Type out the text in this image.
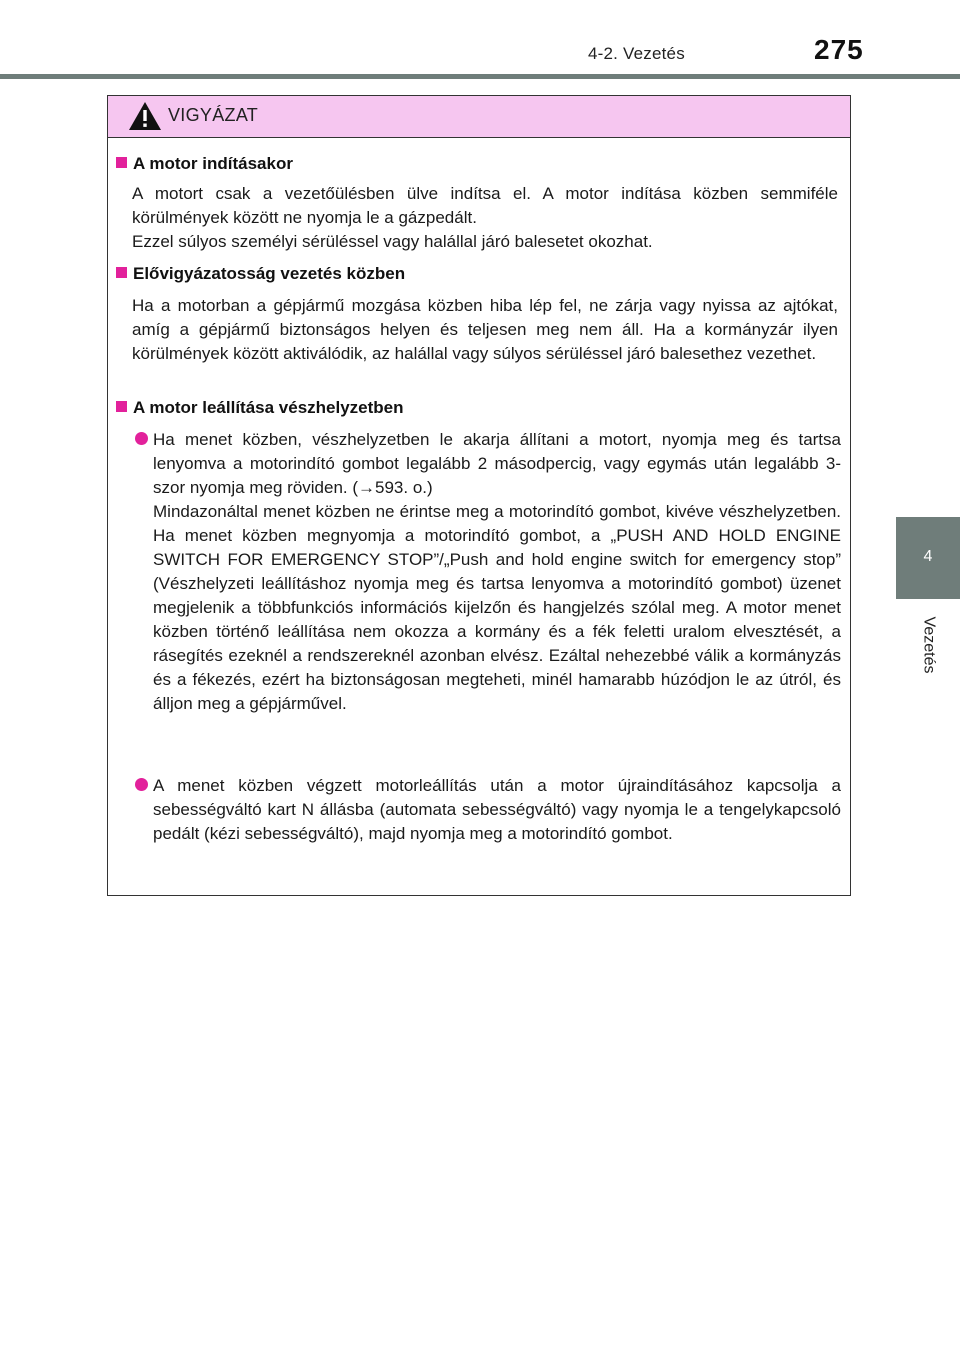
4-2. Vezetés	275
4
Vezetés
VIGYÁZAT
A motor indításakor

A motort csak a vezetőülésben ülve indítsa el. A motor indítása közben semmiféle körülmények között ne nyomja le a gázpedált.

Ezzel súlyos személyi sérüléssel vagy halállal járó balesetet okozhat.

Elővigyázatosság vezetés közben

Ha a motorban a gépjármű mozgása közben hiba lép fel, ne zárja vagy nyissa az ajtókat, amíg a gépjármű biztonságos helyen és teljesen meg nem áll. Ha a kormányzár ilyen körülmények között aktiválódik, az halállal vagy súlyos sérüléssel járó balesethez vezethet.

A motor leállítása vészhelyzetben

Ha menet közben, vészhelyzetben le akarja állítani a motort, nyomja meg és tartsa lenyomva a motorindító gombot legalább 2 másodpercig, vagy egymás után legalább 3-szor nyomja meg röviden. (→593. o.)

Mindazonáltal menet közben ne érintse meg a motorindító gombot, kivéve vészhelyzetben. Ha menet közben megnyomja a motorindító gombot, a „PUSH AND HOLD ENGINE SWITCH FOR EMERGENCY STOP”/„Push and hold engine switch for emergency stop” (Vészhelyzeti leállításhoz nyomja meg és tartsa lenyomva a motorindító gombot) üzenet megjelenik a többfunkciós információs kijelzőn és hangjelzés szólal meg. A motor menet közben történő leállítása nem okozza a kormány és a fék feletti uralom elvesztését, a rásegítés ezeknél a rendszereknél azonban elvész. Ezáltal nehezebbé válik a kormányzás és a fékezés, ezért ha biztonságosan megteheti, minél hamarabb húzódjon le az útról, és álljon meg a gépjárművel.

A menet közben végzett motorleállítás után a motor újraindításához kapcsolja a sebességváltó kart N állásba (automata sebességváltó) vagy nyomja le a tengelykapcsoló pedált (kézi sebességváltó), majd nyomja meg a motorindító gombot.
